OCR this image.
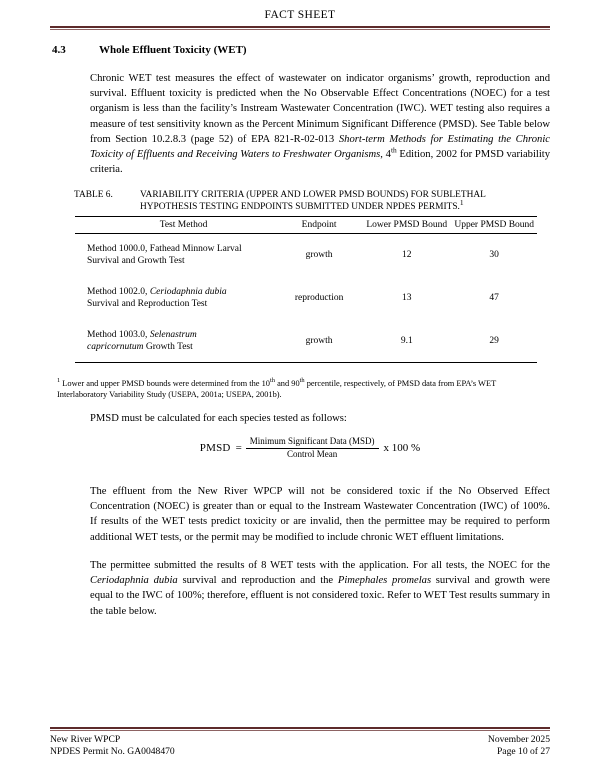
FACT SHEET
4.3	Whole Effluent Toxicity (WET)
Chronic WET test measures the effect of wastewater on indicator organisms’ growth, reproduction and survival. Effluent toxicity is predicted when the No Observable Effect Concentrations (NOEC) for a test organism is less than the facility’s Instream Wastewater Concentration (IWC). WET testing also requires a measure of test sensitivity known as the Percent Minimum Significant Difference (PMSD). See Table below from Section 10.2.8.3 (page 52) of EPA 821-R-02-013 Short-term Methods for Estimating the Chronic Toxicity of Effluents and Receiving Waters to Freshwater Organisms, 4th Edition, 2002 for PMSD variability criteria.
TABLE 6.	VARIABILITY CRITERIA (UPPER AND LOWER PMSD BOUNDS) FOR SUBLETHAL
HYPOTHESIS TESTING ENDPOINTS SUBMITTED UNDER NPDES PERMITS.$^1$
Test Method	Endpoint	Lower PMSD Bound	Upper PMSD Bound

Method 1000.0, Fathead Minnow Larval
Survival and Growth Test	growth	12	30

Method 1002.0, Ceriodaphnia dubia
Survival and Reproduction Test	reproduction	13	47

Method 1003.0, Selenastrum
capricornutum Growth Test	growth	9.1	29
$^1$ Lower and upper PMSD bounds were determined from the 10th and 90th percentile, respectively, of PMSD data from EPA’s WET Interlaboratory Variability Study (USEPA, 2001a; USEPA, 2001b).
PMSD must be calculated for each species tested as follows:
PMSD = $\frac{\text{Minimum Significant Data (MSD)}}{\text{Control Mean}}$ x 100 %
The effluent from the New River WPCP will not be considered toxic if the No Observed Effect Concentration (NOEC) is greater than or equal to the Instream Wastewater Concentration (IWC) of 100%. If results of the WET tests predict toxicity or are invalid, then the permittee may be required to perform additional WET tests, or the permit may be modified to include chronic WET effluent limitations.
The permittee submitted the results of 8 WET tests with the application. For all tests, the NOEC for the Ceriodaphnia dubia survival and reproduction and the Pimephales promelas survival and growth were equal to the IWC of 100%; therefore, effluent is not considered toxic. Refer to WET Test results summary in the table below.
New River WPCP
NPDES Permit No. GA0048470
November 2025
Page 10 of 27
